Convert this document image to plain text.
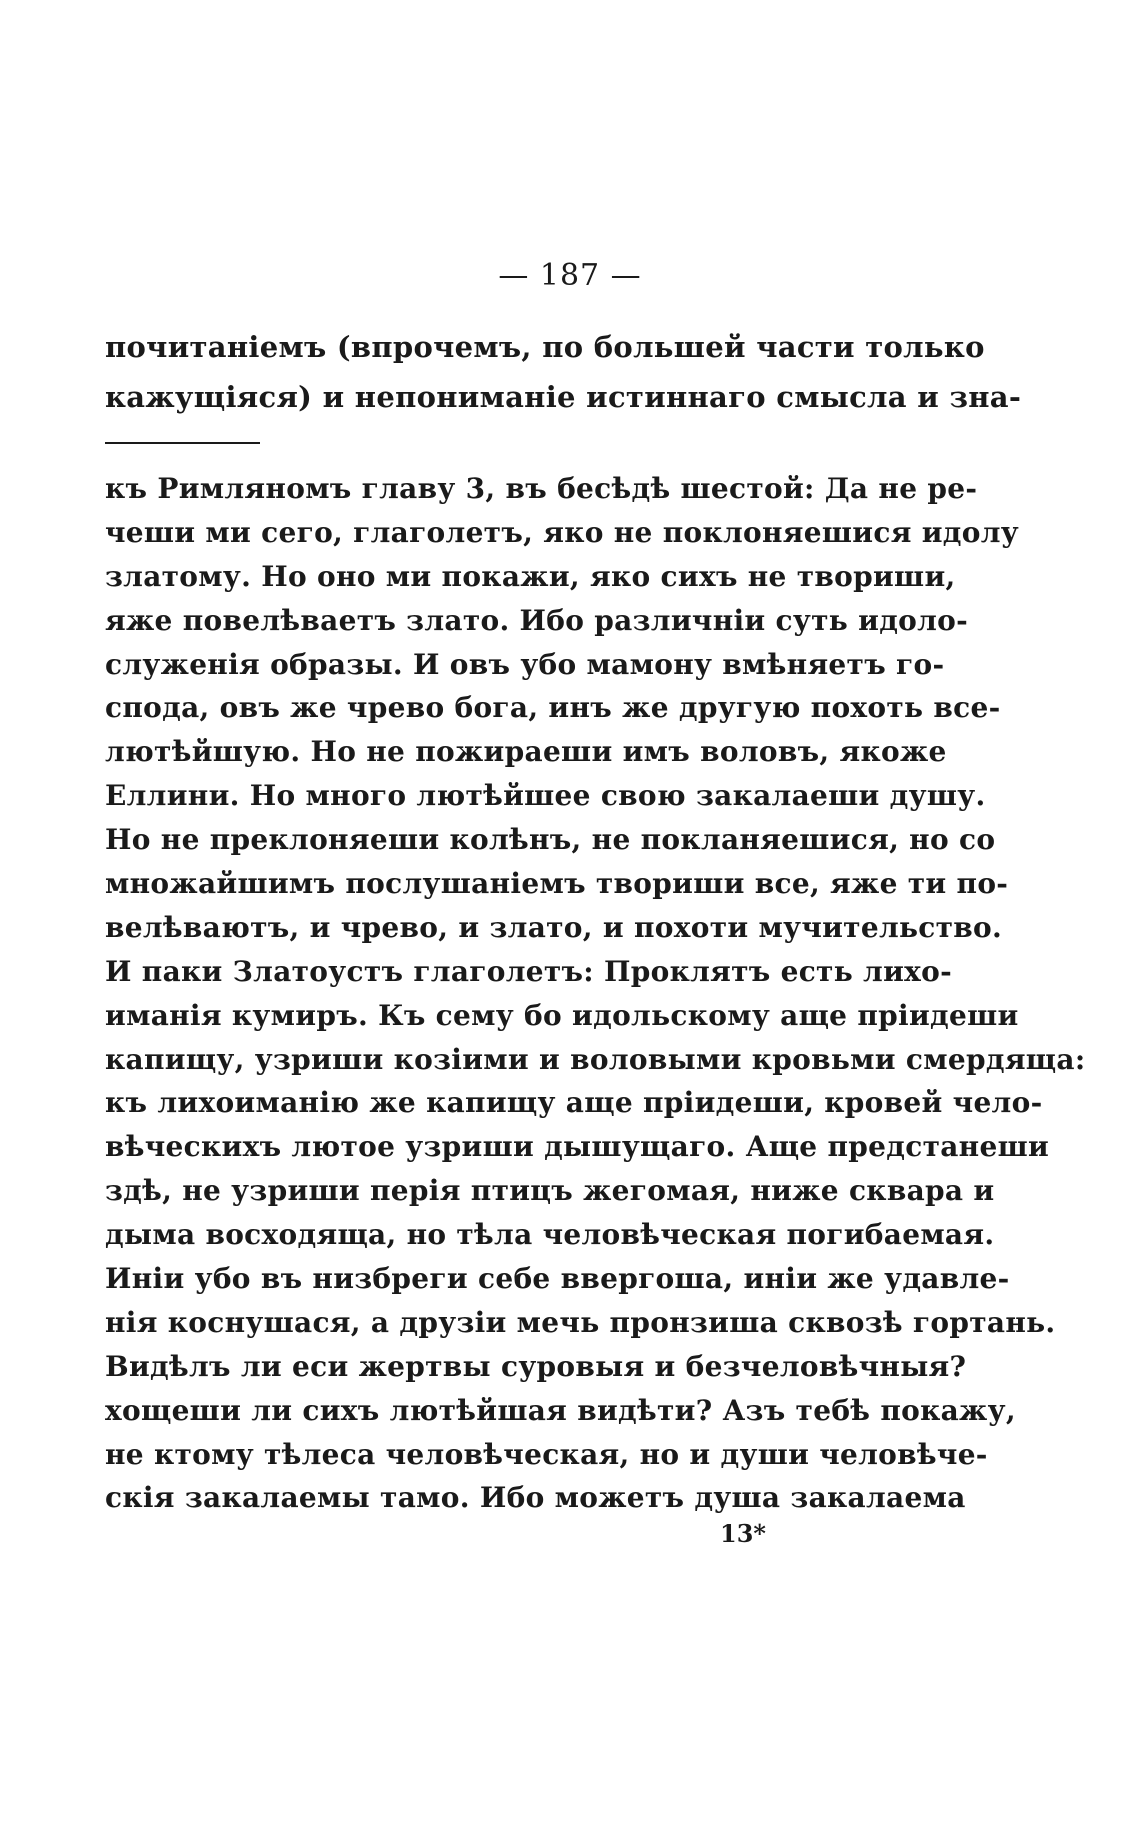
— 187 —
почитаніемъ (впрочемъ, по большей части только
кажущіяся) и непониманіе истиннаго смысла и зна-
къ Римляномъ главу 3, въ бесѣдѣ шестой: Да не ре-
чеши ми сего, глаголетъ, яко не поклоняешися идолу
златому. Но оно ми покажи, яко сихъ не твориши,
яже повелѣваетъ злато. Ибо различніи суть идоло-
служенія образы. И овъ убо мамону вмѣняетъ го-
спода, овъ же чрево бога, инъ же другую похоть все-
лютѣйшую. Но не пожираеши имъ воловъ, якоже
Еллини. Но много лютѣйшее свою закалаеши душу.
Но не преклоняеши колѣнъ, не покланяешися, но со
множайшимъ послушаніемъ твориши все, яже ти по-
велѣваютъ, и чрево, и злато, и похоти мучительство.
И паки Златоустъ глаголетъ: Проклятъ есть лихо-
иманія кумиръ. Къ сему бо идольскому аще пріидеши
капищу, узриши козіими и воловыми кровьми смердяща:
къ лихоиманію же капищу аще пріидеши, кровей чело-
вѣческихъ лютое узриши дышущаго. Аще предстанеши
здѣ, не узриши перія птицъ жегомая, ниже сквара и
дыма восходяща, но тѣла человѣческая погибаемая.
Иніи убо въ низбреги себе ввергоша, иніи же удавле-
нія коснушася, а друзіи мечь пронзиша сквозѣ гортань.
Видѣлъ ли еси жертвы суровыя и безчеловѣчныя?
хощеши ли сихъ лютѣйшая видѣти? Азъ тебѣ покажу,
не ктому тѣлеса человѣческая, но и души человѣче-
скія закалаемы тамо. Ибо можетъ душа закалаема
13*
